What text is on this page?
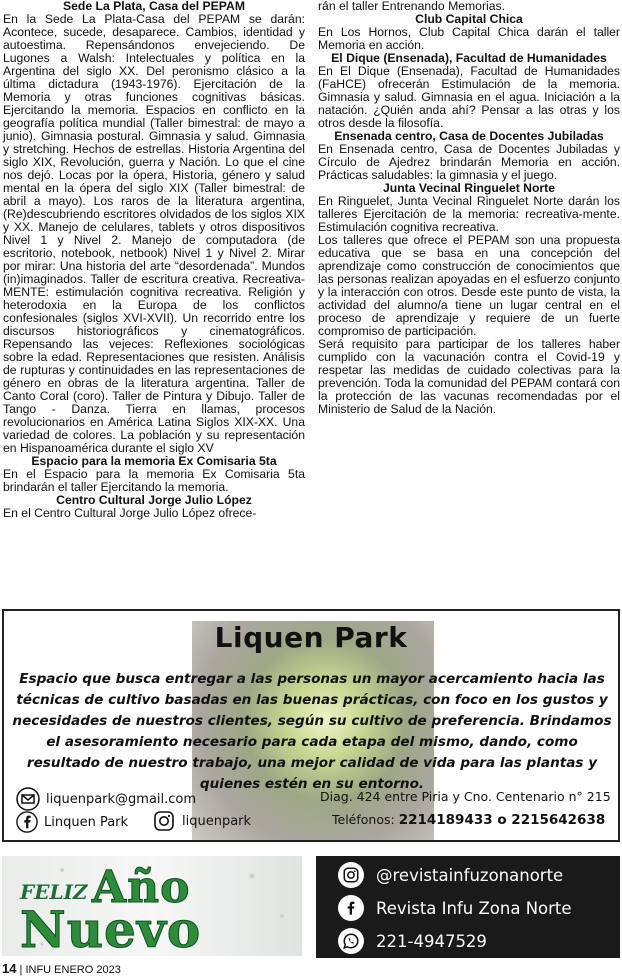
Sede La Plata, Casa del PEPAM

En la Sede La Plata-Casa del PEPAM se darán: Acontece, sucede, desaparece. Cambios, identidad y autoestima. Repensándonos envejeciendo. De Lugones a Walsh: Intelectuales y política en la Argentina del siglo XX. Del peronismo clásico a la última dictadura (1943-1976). Ejercitación de la Memoria y otras funciones cognitivas básicas. Ejercitando la memoria. Espacios en conflicto en la geografía política mundial (Taller bimestral: de mayo a junio). Gimnasia postural. Gimnasia y salud. Gimnasia y stretching. Hechos de estrellas. Historia Argentina del siglo XIX, Revolución, guerra y Nación. Lo que el cine nos dejó. Locas por la ópera, Historia, género y salud mental en la ópera del siglo XIX (Taller bimestral: de abril a mayo). Los raros de la literatura argentina, (Re)descubriendo escritores olvidados de los siglos XIX y XX. Manejo de celulares, tablets y otros dispositivos Nivel 1 y Nivel 2. Manejo de computadora (de escritorio, notebook, netbook) Nivel 1 y Nivel 2. Mirar por mirar: Una historia del arte “desordenada”. Mundos (in)imaginados. Taller de escritura creativa. Recreativa-MENTE: estimulación cognitiva recreativa. Religión y heterodoxia en la Europa de los conflictos confesionales (siglos XVI-XVII). Un recorrido entre los discursos historiográficos y cinematográficos. Repensando las vejeces: Reflexiones sociológicas sobre la edad. Representaciones que resisten. Análisis de rupturas y continuidades en las representaciones de género en obras de la literatura argentina. Taller de Canto Coral (coro). Taller de Pintura y Dibujo. Taller de Tango - Danza. Tierra en llamas, procesos revolucionarios en América Latina Siglos XIX-XX. Una variedad de colores. La población y su representación en Hispanoamérica durante el siglo XV

Espacio para la memoria Ex Comisaria 5ta

En el Espacio para la memoria Ex Comisaria 5ta brindarán el taller Ejercitando la memoria.

Centro Cultural Jorge Julio López

En el Centro Cultural Jorge Julio López ofrece-

rán el taller Entrenando Memorias.

Club Capital Chica

En Los Hornos, Club Capital Chica darán el taller Memoria en acción.

El Dique (Ensenada), Facultad de Humanidades

En El Dique (Ensenada), Facultad de Humanidades (FaHCE) ofrecerán Estimulación de la memoria. Gimnasia y salud. Gimnasia en el agua. Iniciación a la natación. ¿Quién anda ahí? Pensar a las otras y los otros desde la filosofía.

Ensenada centro, Casa de Docentes Jubiladas

En Ensenada centro, Casa de Docentes Jubiladas y Círculo de Ajedrez brindarán Memoria en acción. Prácticas saludables: la gimnasia y el juego.

Junta Vecinal Ringuelet Norte

En Ringuelet, Junta Vecinal Ringuelet Norte darán los talleres Ejercitación de la memoria: recreativa-mente. Estimulación cognitiva recreativa.

Los talleres que ofrece el PEPAM son una propuesta educativa que se basa en una concepción del aprendizaje como construcción de conocimientos que las personas realizan apoyadas en el esfuerzo conjunto y la interacción con otros. Desde este punto de vista, la actividad del alumno/a tiene un lugar central en el proceso de aprendizaje y requiere de un fuerte compromiso de participación.

Será requisito para participar de los talleres haber cumplido con la vacunación contra el Covid-19 y respetar las medidas de cuidado colectivas para la prevención. Toda la comunidad del PEPAM contará con la protección de las vacunas recomendadas por el Ministerio de Salud de la Nación.

Liquen Park
Espacio que busca entregar a las personas un mayor acercamiento hacia las técnicas de cultivo basadas en las buenas prácticas, con foco en los gustos y necesidades de nuestros clientes, según su cultivo de preferencia. Brindamos el asesoramiento necesario para cada etapa del mismo, dando, como resultado de nuestro trabajo, una mejor calidad de vida para las plantas y quienes estén en su entorno.
liquenpark@gmail.com
Linquen Park	liquenpark
Diag. 424 entre Piria y Cno. Centenario n° 215
Teléfonos: 2214189433 o 2215642638
FELIZ Año
Nuevo
@revistainfuzonanorte
Revista Infu Zona Norte
221-4947529
14 | INFU ENERO 2023
